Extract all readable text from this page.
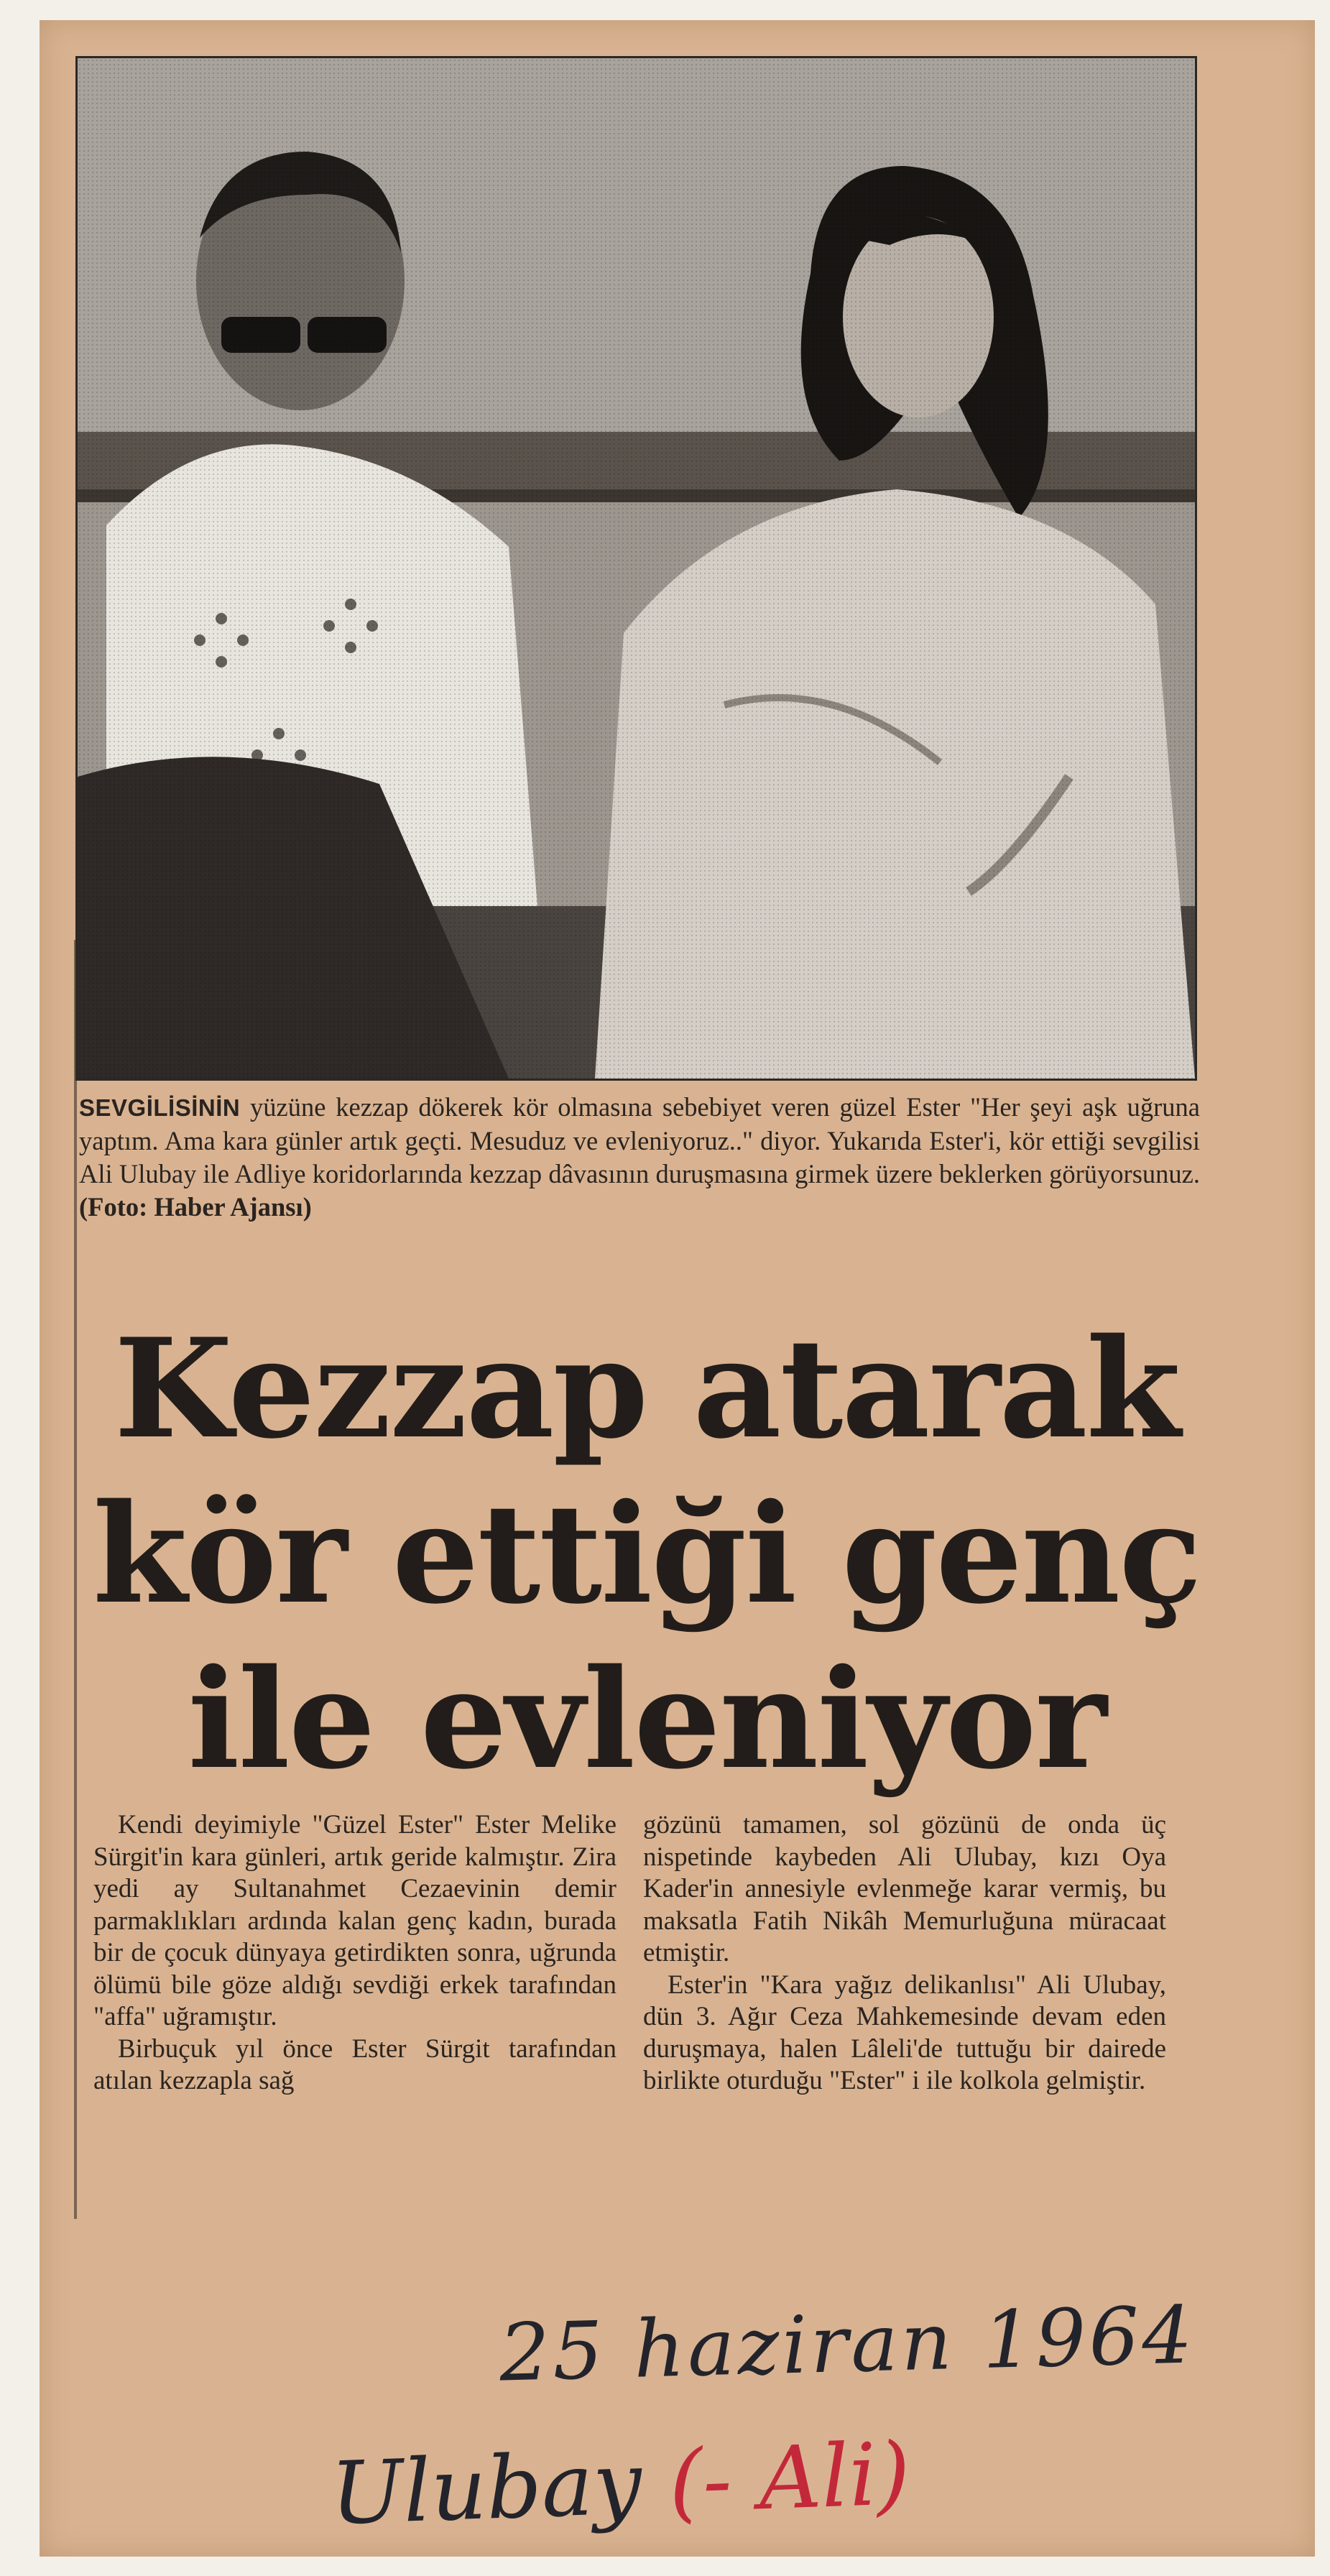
SEVGİLİSİNİN yüzüne kezzap dökerek kör olmasına sebebiyet veren güzel Ester "Her şeyi aşk uğruna yaptım. Ama kara günler artık geçti. Mesuduz ve evleniyoruz.." diyor. Yukarıda Ester'i, kör ettiği sevgilisi Ali Ulubay ile Adliye koridorlarında kezzap dâvasının duruşmasına girmek üzere beklerken görüyorsunuz. (Foto: Haber Ajansı)
Kezzap atarak
kör ettiği genç
ile evleniyor

Kendi deyimiyle "Güzel Ester" Ester Melike Sürgit'in kara günleri, artık geride kalmıştır. Zira yedi ay Sultanahmet Cezaevinin demir parmaklıkları ardında kalan genç kadın, burada bir de çocuk dünyaya getirdikten sonra, uğrunda ölümü bile göze aldığı sevdiği erkek tarafından "affa" uğramıştır.

Birbuçuk yıl önce Ester Sürgit tarafından atılan kezzapla sağ

gözünü tamamen, sol gözünü de onda üç nispetinde kaybeden Ali Ulubay, kızı Oya Kader'in annesiyle evlenmeğe karar vermiş, bu maksatla Fatih Nikâh Memurluğuna müracaat etmiştir.

Ester'in "Kara yağız delikanlısı" Ali Ulubay, dün 3. Ağır Ceza Mahkemesinde devam eden duruşmaya, halen Lâleli'de tuttuğu bir dairede birlikte oturduğu "Ester" i ile kolkola gelmiştir.

25 haziran 1964
Ulubay (- Ali)
